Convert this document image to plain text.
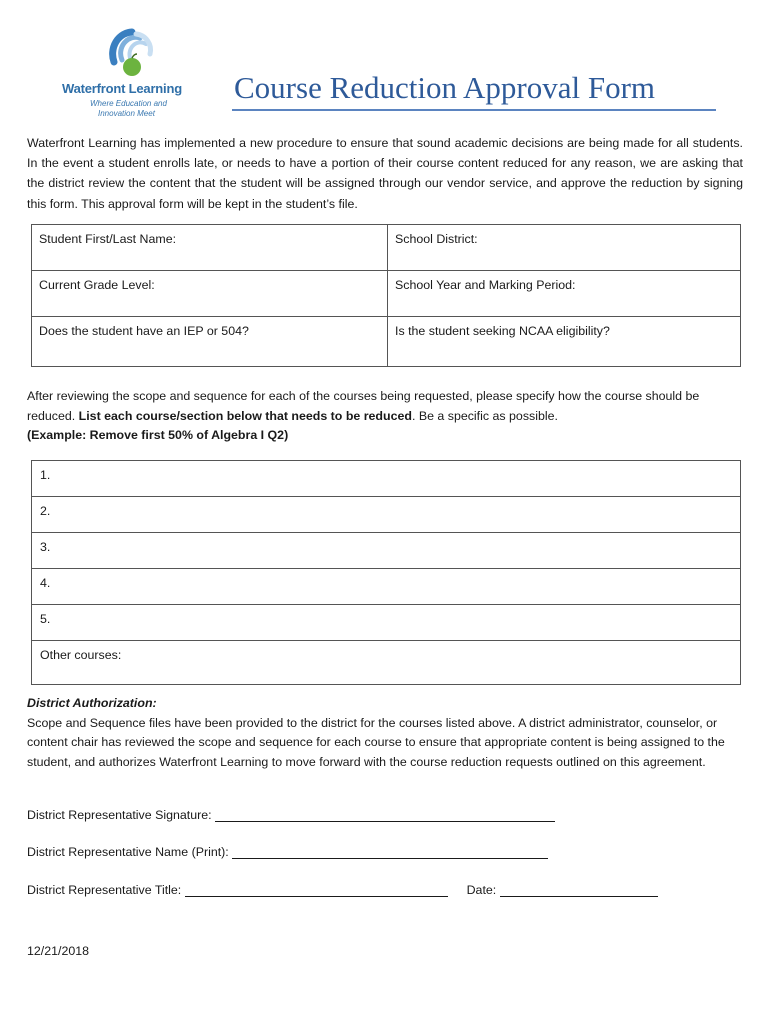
Waterfront Learning
Where Education and
Innovation Meet
Course Reduction Approval Form
Waterfront Learning has implemented a new procedure to ensure that sound academic decisions are being made for all students. In the event a student enrolls late, or needs to have a portion of their course content reduced for any reason, we are asking that the district review the content that the student will be assigned through our vendor service, and approve the reduction by signing this form. This approval form will be kept in the student’s file.
Student First/Last Name:	School District:
Current Grade Level:	School Year and Marking Period:
Does the student have an IEP or 504?	Is the student seeking NCAA eligibility?
After reviewing the scope and sequence for each of the courses being requested, please specify how the course should be reduced. List each course/section below that needs to be reduced. Be a specific as possible.
(Example: Remove first 50% of Algebra I Q2)
1.
2.
3.
4.
5.
Other courses:
District Authorization:
Scope and Sequence files have been provided to the district for the courses listed above. A district administrator, counselor, or content chair has reviewed the scope and sequence for each course to ensure that appropriate content is being assigned to the student, and authorizes Waterfront Learning to move forward with the course reduction requests outlined on this agreement.
District Representative Signature:
District Representative Name (Print):
District Representative Title:	Date:
12/21/2018
